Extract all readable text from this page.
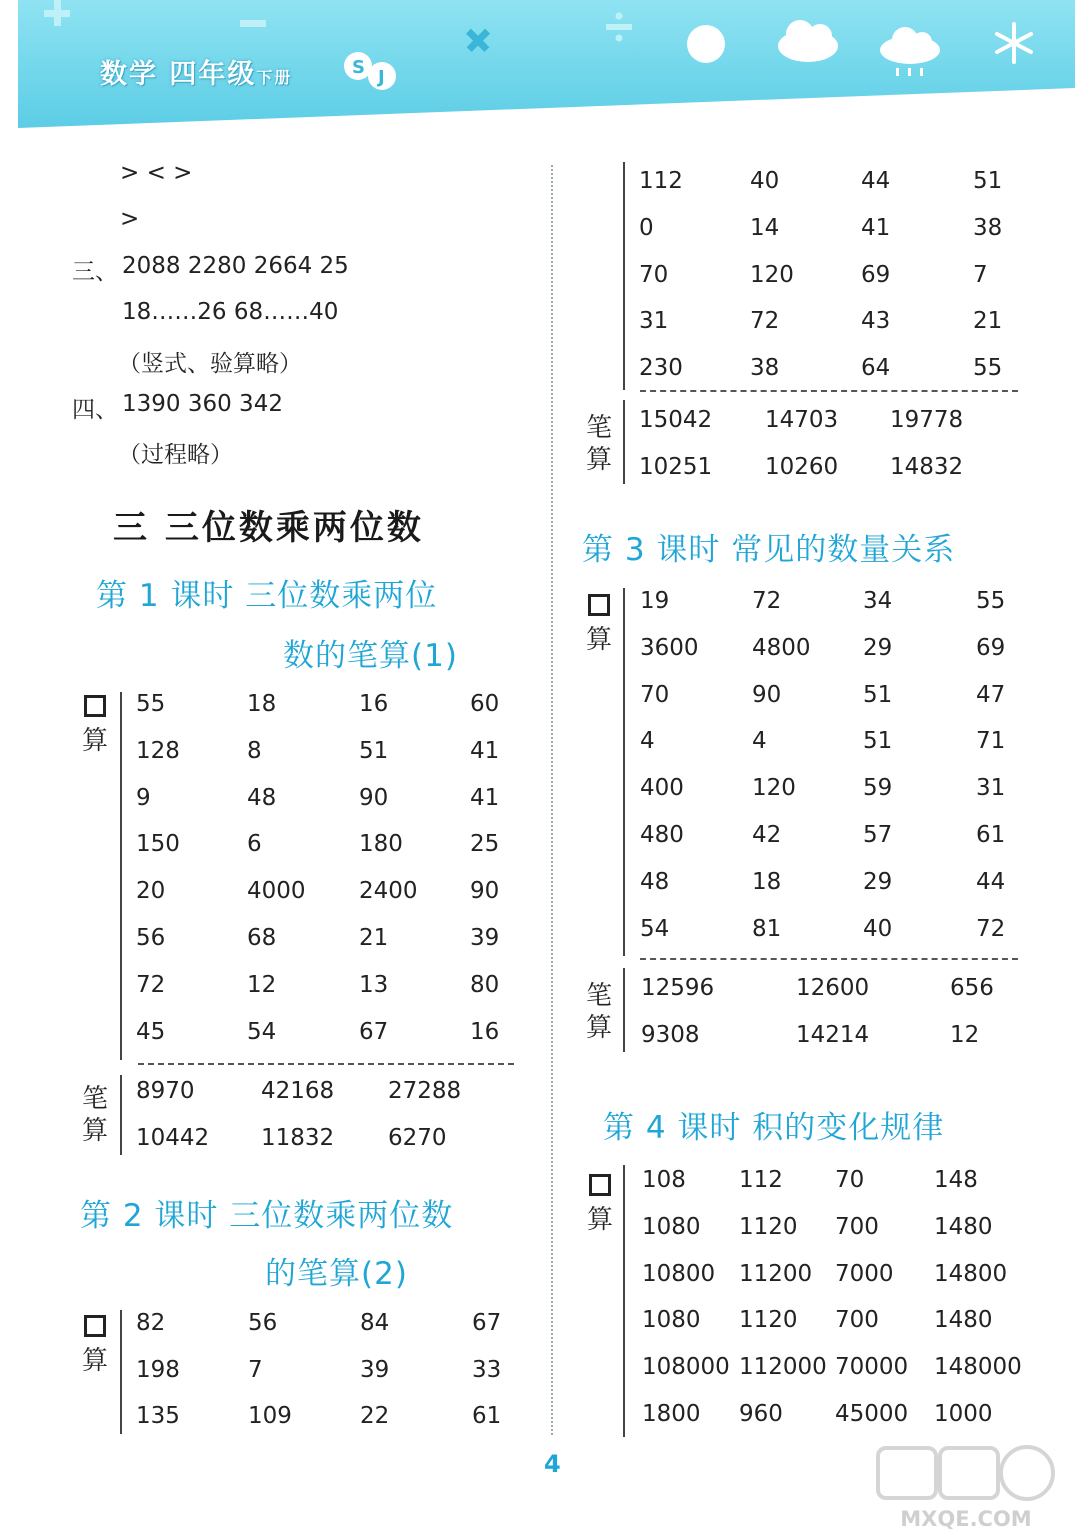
数学 四年级下册	S J
> < >
>
三、 2088 2280 2664 25
18……26 68……40
（竖式、验算略）
四、 1390 360 342
（过程略）
三 三位数乘两位数
第 1 课时 三位数乘两位
数的笔算(1)

算
55	18	16	60
128	8	51	41
9	48	90	41
150	6	180	25
20	4000 2400 90
56	68	21	39
72	12	13	80
45	54	67	16
笔
算
8970	42168 27288
10442 11832 6270
第 2 课时 三位数乘两位数
的笔算(2)

算
82	56	84	67
198	7	39	33
135	109	22	61
112	40	44	51
0	14	41	38
70	120	69	7
31	72	43	21
230	38	64	55
笔
算
15042 14703 19778
10251 10260 14832
第 3 课时 常见的数量关系

算
19	72	34	55
3600 4800 29	69
70	90	51	47
4	4	51	71
400	120	59	31
480	42	57	61
48	18	29	44
54	81	40	72
笔
算
12596	12600	656
9308	14214	12
第 4 课时 积的变化规律

算
108 112 70	148
1080 1120 700 1480
10800 11200 7000 14800
1080 1120 700 1480
108000 112000 70000 148000
1800 960 45000 1000
4
MXQE.COM
